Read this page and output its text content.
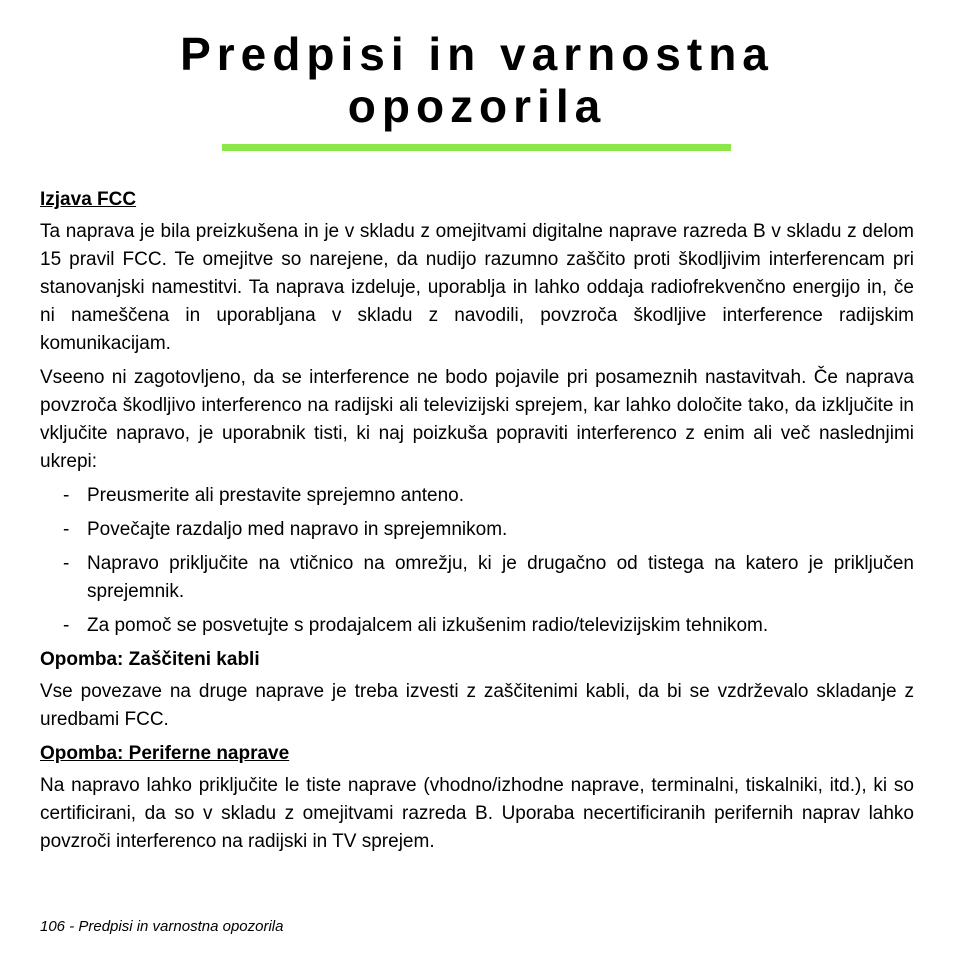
Predpisi in varnostna
opozorila
Izjava FCC

Ta naprava je bila preizkušena in je v skladu z omejitvami digitalne naprave razreda B v skladu z delom 15 pravil FCC. Te omejitve so narejene, da nudijo razumno zaščito proti škodljivim interferencam pri stanovanjski namestitvi. Ta naprava izdeluje, uporablja in lahko oddaja radiofrekvenčno energijo in, če ni nameščena in uporabljana v skladu z navodili, povzroča škodljive interference radijskim komunikacijam.

Vseeno ni zagotovljeno, da se interference ne bodo pojavile pri posameznih nastavitvah. Če naprava povzroča škodljivo interferenco na radijski ali televizijski sprejem, kar lahko določite tako, da izključite in vključite napravo, je uporabnik tisti, ki naj poizkuša popraviti interferenco z enim ali več naslednjimi ukrepi:

- Preusmerite ali prestavite sprejemno anteno.
- Povečajte razdaljo med napravo in sprejemnikom.
- Napravo priključite na vtičnico na omrežju, ki je drugačno od tistega na katero je priključen sprejemnik.
- Za pomoč se posvetujte s prodajalcem ali izkušenim radio/televizijskim tehnikom.
Opomba: Zaščiteni kabli

Vse povezave na druge naprave je treba izvesti z zaščitenimi kabli, da bi se vzdrževalo skladanje z uredbami FCC.

Opomba: Periferne naprave

Na napravo lahko priključite le tiste naprave (vhodno/izhodne naprave, terminalni, tiskalniki, itd.), ki so certificirani, da so v skladu z omejitvami razreda B. Uporaba necertificiranih perifernih naprav lahko povzroči interferenco na radijski in TV sprejem.

106 - Predpisi in varnostna opozorila
